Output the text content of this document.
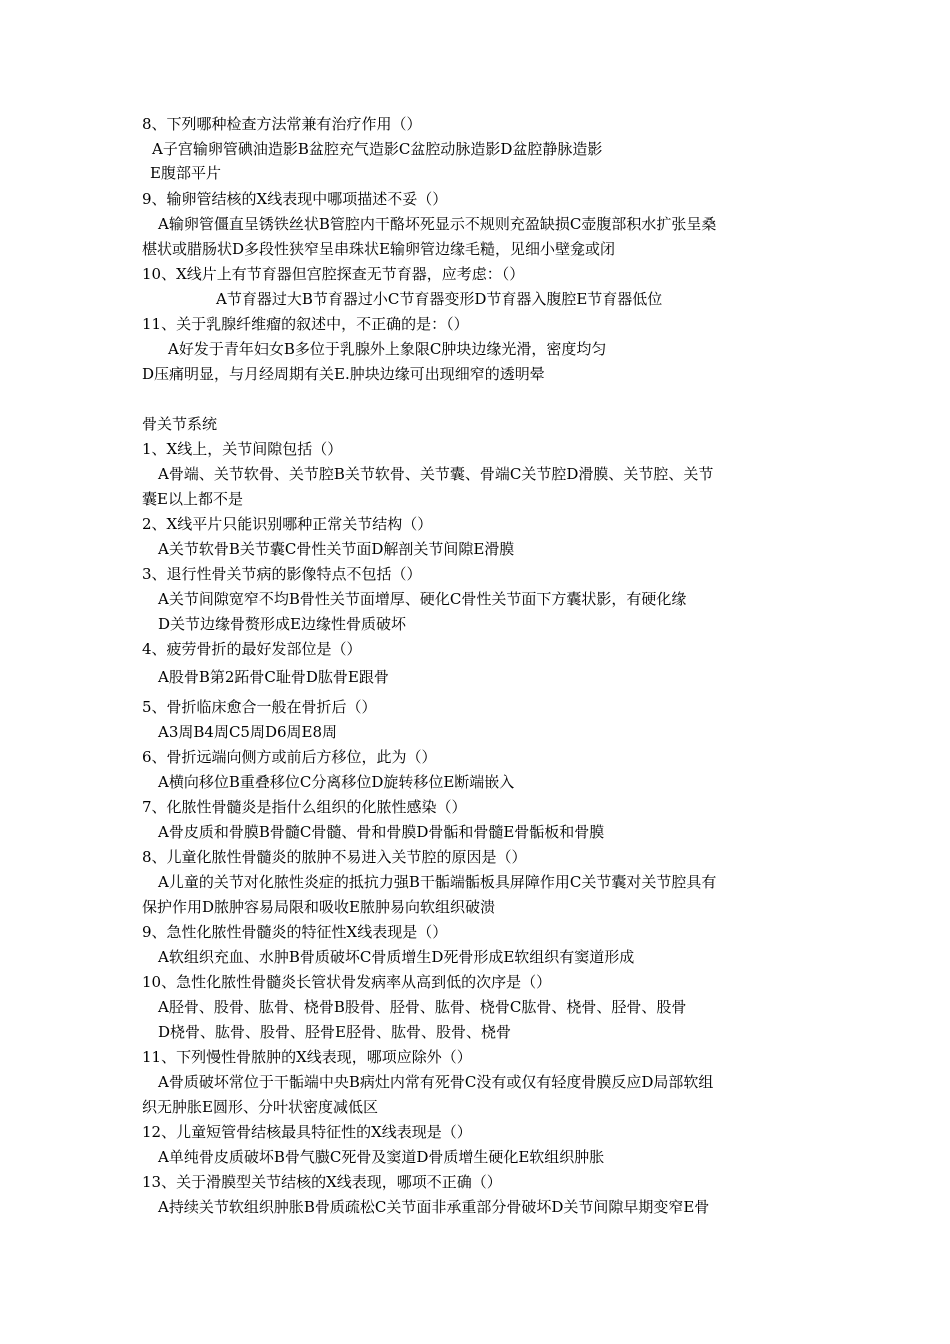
8、下列哪种检查方法常兼有治疗作用（）
A子宫输卵管碘油造影B盆腔充气造影C盆腔动脉造影D盆腔静脉造影
E腹部平片
9、输卵管结核的X线表现中哪项描述不妥（）
A输卵管僵直呈锈铁丝状B管腔内干酪坏死显示不规则充盈缺损C壶腹部积水扩张呈桑
椹状或腊肠状D多段性狭窄呈串珠状E输卵管边缘毛糙，见细小壁龛或闭
10、X线片上有节育器但宫腔探查无节育器，应考虑：（）
A节育器过大B节育器过小C节育器变形D节育器入腹腔E节育器低位
11、关于乳腺纤维瘤的叙述中，不正确的是：（）
A好发于青年妇女B多位于乳腺外上象限C肿块边缘光滑，密度均匀
D压痛明显，与月经周期有关E.肿块边缘可出现细窄的透明晕
骨关节系统
1、X线上，关节间隙包括（）
A骨端、关节软骨、关节腔B关节软骨、关节囊、骨端C关节腔D滑膜、关节腔、关节
囊E以上都不是
2、X线平片只能识别哪种正常关节结构（）
A关节软骨B关节囊C骨性关节面D解剖关节间隙E滑膜
3、退行性骨关节病的影像特点不包括（）
A关节间隙宽窄不均B骨性关节面增厚、硬化C骨性关节面下方囊状影，有硬化缘
D关节边缘骨赘形成E边缘性骨质破坏
4、疲劳骨折的最好发部位是（）
A股骨B第2跖骨C耻骨D肱骨E跟骨
5、骨折临床愈合一般在骨折后（）
A3周B4周C5周D6周E8周
6、骨折远端向侧方或前后方移位，此为（）
A横向移位B重叠移位C分离移位D旋转移位E断端嵌入
7、化脓性骨髓炎是指什么组织的化脓性感染（）
A骨皮质和骨膜B骨髓C骨髓、骨和骨膜D骨骺和骨髓E骨骺板和骨膜
8、儿童化脓性骨髓炎的脓肿不易进入关节腔的原因是（）
A儿童的关节对化脓性炎症的抵抗力强B干骺端骺板具屏障作用C关节囊对关节腔具有
保护作用D脓肿容易局限和吸收E脓肿易向软组织破溃
9、急性化脓性骨髓炎的特征性X线表现是（）
A软组织充血、水肿B骨质破坏C骨质增生D死骨形成E软组织有窦道形成
10、急性化脓性骨髓炎长管状骨发病率从高到低的次序是（）
A胫骨、股骨、肱骨、桡骨B股骨、胫骨、肱骨、桡骨C肱骨、桡骨、胫骨、股骨
D桡骨、肱骨、股骨、胫骨E胫骨、肱骨、股骨、桡骨
11、下列慢性骨脓肿的X线表现，哪项应除外（）
A骨质破坏常位于干骺端中央B病灶内常有死骨C没有或仅有轻度骨膜反应D局部软组
织无肿胀E圆形、分叶状密度减低区
12、儿童短管骨结核最具特征性的X线表现是（）
A单纯骨皮质破坏B骨气臌C死骨及窦道D骨质增生硬化E软组织肿胀
13、关于滑膜型关节结核的X线表现，哪项不正确（）
A持续关节软组织肿胀B骨质疏松C关节面非承重部分骨破坏D关节间隙早期变窄E骨
